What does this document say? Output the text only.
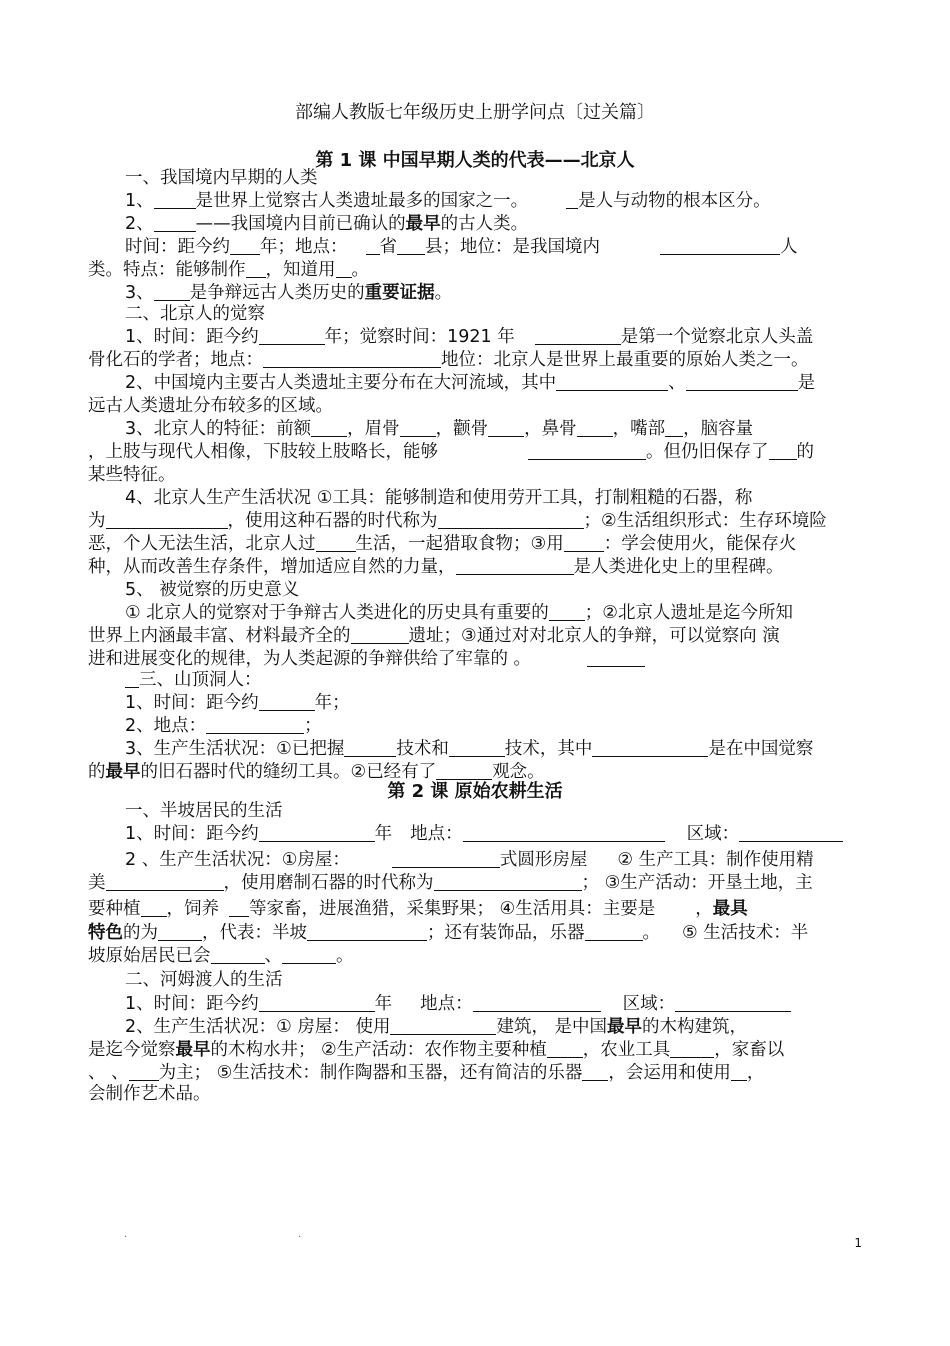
部编人教版七年级历史上册学问点〔过关篇〕
第 1 课 中国早期人类的代表——北京人
一、我国境内早期的人类
1、 是世界上觉察古人类遗址最多的国家之一。	是人与动物的根本区分。
2、 ——我国境内目前已确认的最早的古人类。
时间：距今约 年；地点： 省 县；地位：是我国境内	人
类。特点：能够制作 ，知道用 。
3、 是争辩远古人类历史的重要证据。
二、北京人的觉察
1、时间：距今约	年；觉察时间：1921 年	是第一个觉察北京人头盖
骨化石的学者；地点：	地位：北京人是世界上最重要的原始人类之一。
2、中国境内主要古人类遗址主要分布在大河流域，其中	、	是
远古人类遗址分布较多的区域。
3、北京人的特征：前额 ，眉骨 ，颧骨 ，鼻骨 ，嘴部 ，脑容量
，上肢与现代人相像，下肢较上肢略长，能够	。但仍旧保存了 的
某些特征。
4、北京人生产生活状况 ①工具：能够制造和使用劳开工具，打制粗糙的石器，称
为	，使用这种石器的时代称为	；②生活组织形式：生存环境险
恶，个人无法生活，北京人过 生活，一起猎取食物；③用 ：学会使用火，能保存火
种，从而改善生存条件，增加适应自然的力量，	是人类进化史上的里程碑。
5、 被觉察的历史意义
① 北京人的觉察对于争辩古人类进化的历史具有重要的 ；②北京人遗址是迄今所知
世界上内涵最丰富、材料最齐全的	遗址；③通过对对北京人的争辩，可以觉察向 演
进和进展变化的规律，为人类起源的争辩供给了牢靠的 。
三、山顶洞人：
1、时间：距今约	年；
2、地点：	；
3、生产生活状况：①已把握	技术和	技术，其中	是在中国觉察
的最早的旧石器时代的缝纫工具。②已经有了	观念。
第 2 课 原始农耕生活
一、半坡居民的生活
1、时间：距今约	年 地点：	区域：
2 、生产生活状况：①房屋：	式圆形房屋 ② 生产工具：制作使用精
美	，使用磨制石器的时代称为	； ③生产活动：开垦土地，主
要种植 ，饲养 等家畜，进展渔猎，采集野果； ④生活用具：主要是 ，最具
特色的为	，代表：半坡	；还有装饰品，乐器	。 ⑤ 生活技术：半
坡原始居民已会	、	。
二、河姆渡人的生活
1、时间：距今约	年 地点：	区域：
2、生产生活状况：① 房屋： 使用	建筑， 是中国最早的木构建筑，
是迄今觉察最早的木构水井； ②生产活动：农作物主要种植 ，农业工具	，家畜以
、 、 为主； ⑤生活技术：制作陶器和玉器，还有简洁的乐器 ，会运用和使用 ，
会制作艺术品。
·	·	1
